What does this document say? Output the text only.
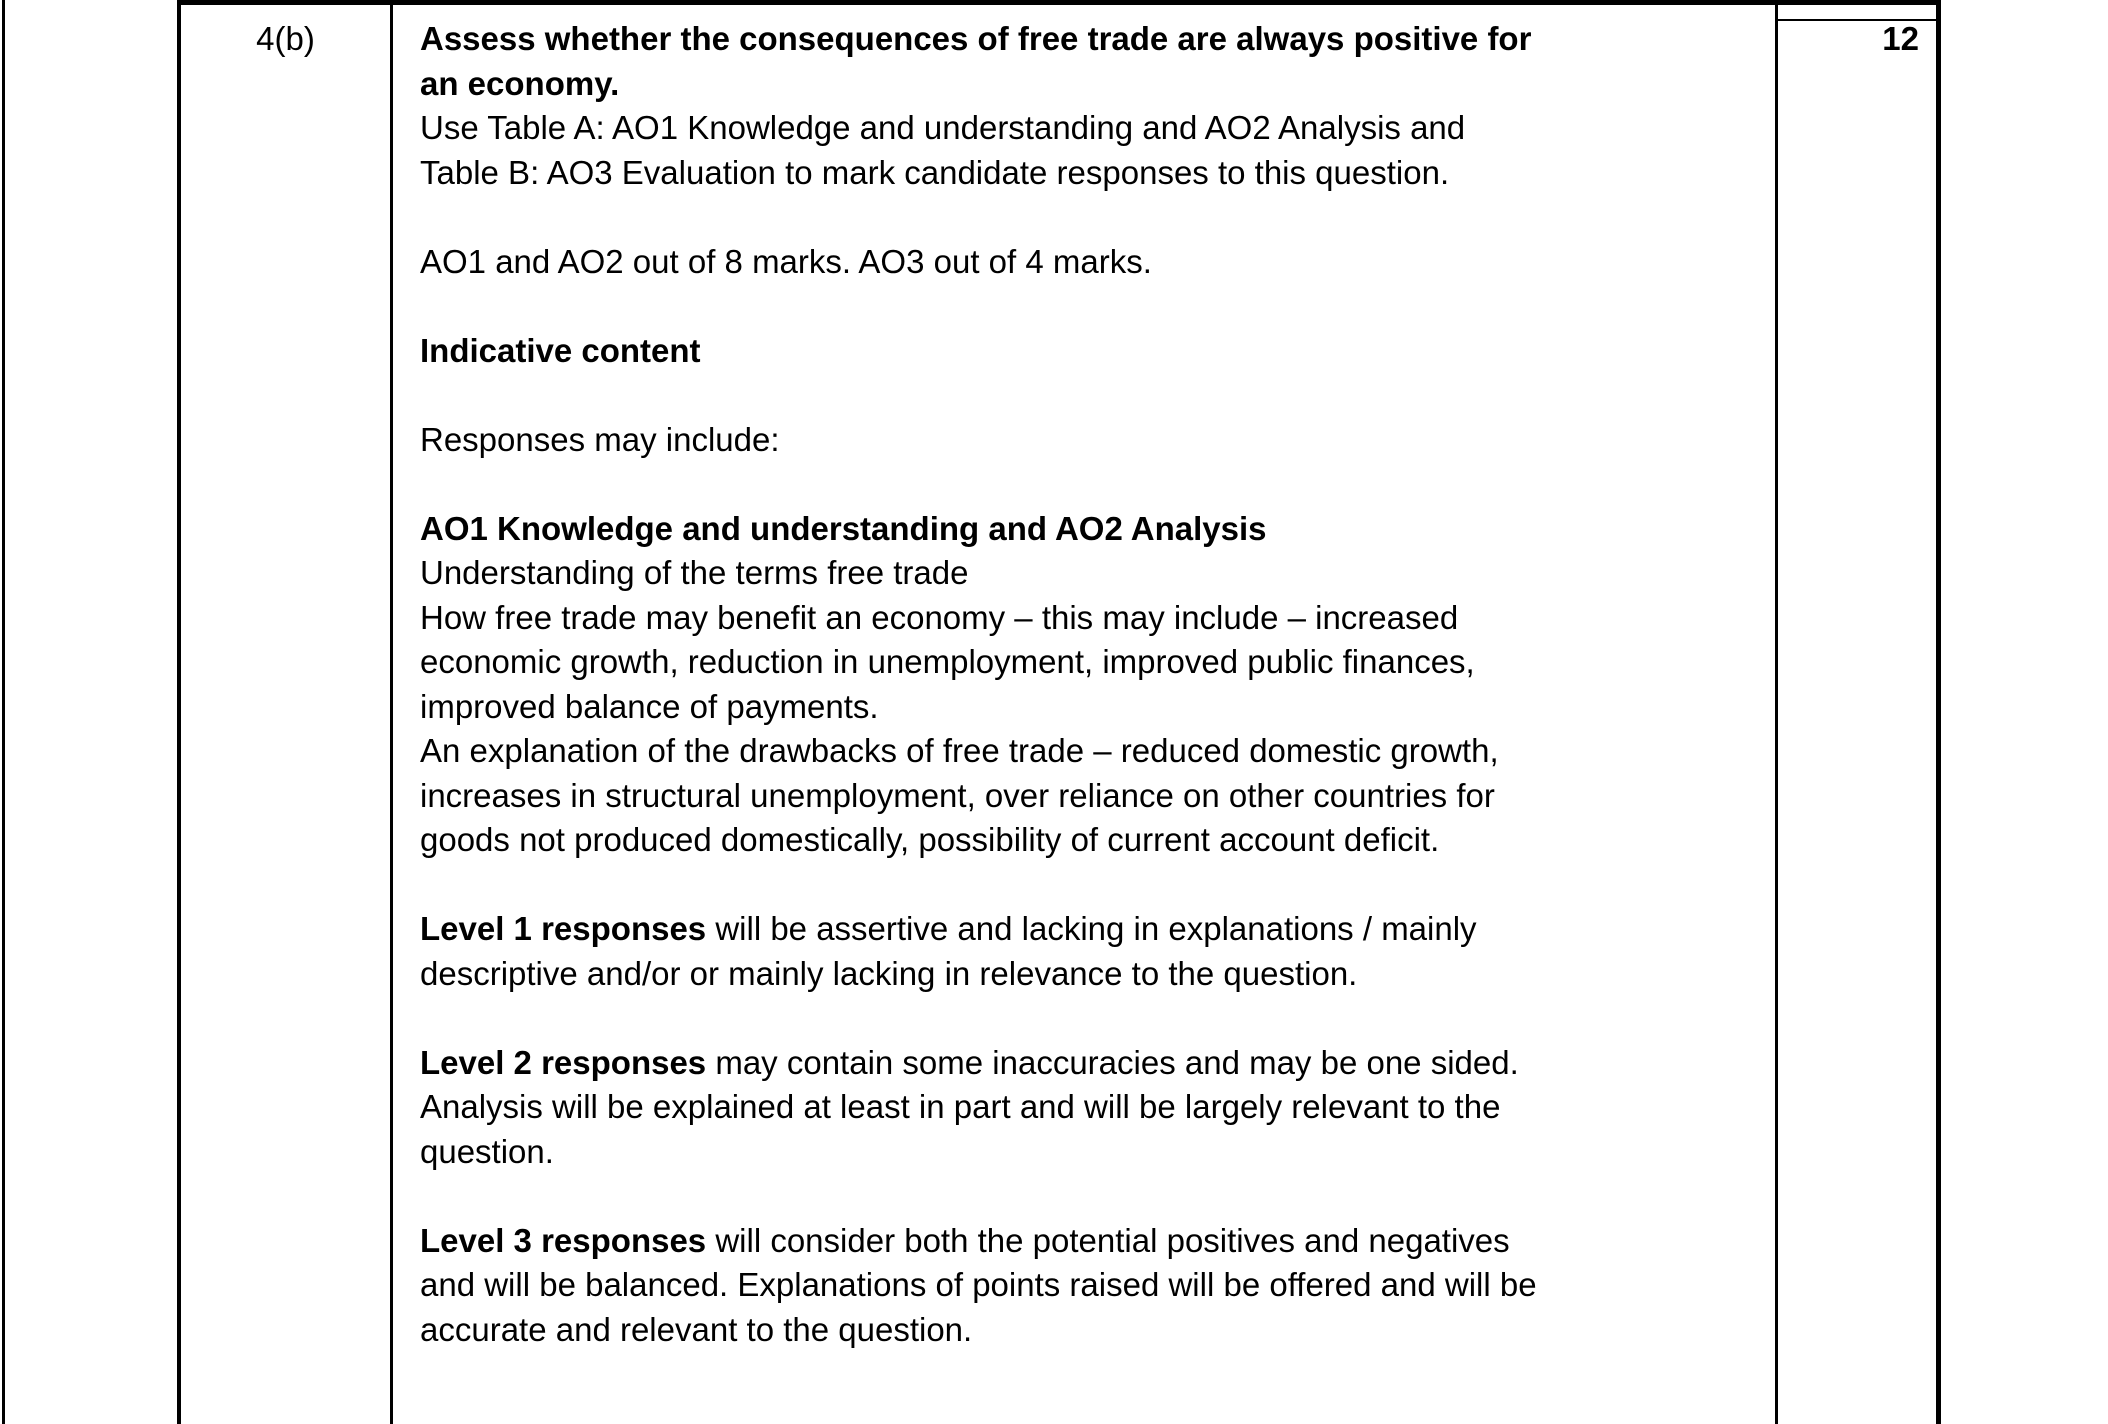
4(b)	12
Assess whether the consequences of free trade are always positive for
an economy.
Use Table A: AO1 Knowledge and understanding and AO2 Analysis and
Table B: AO3 Evaluation to mark candidate responses to this question.
AO1 and AO2 out of 8 marks. AO3 out of 4 marks.
Indicative content
Responses may include:
AO1 Knowledge and understanding and AO2 Analysis
Understanding of the terms free trade
How free trade may benefit an economy – this may include – increased
economic growth, reduction in unemployment, improved public finances,
improved balance of payments.
An explanation of the drawbacks of free trade – reduced domestic growth,
increases in structural unemployment, over reliance on other countries for
goods not produced domestically, possibility of current account deficit.
Level 1 responses will be assertive and lacking in explanations / mainly
descriptive and/or or mainly lacking in relevance to the question.
Level 2 responses may contain some inaccuracies and may be one sided.
Analysis will be explained at least in part and will be largely relevant to the
question.
Level 3 responses will consider both the potential positives and negatives
and will be balanced. Explanations of points raised will be offered and will be
accurate and relevant to the question.
